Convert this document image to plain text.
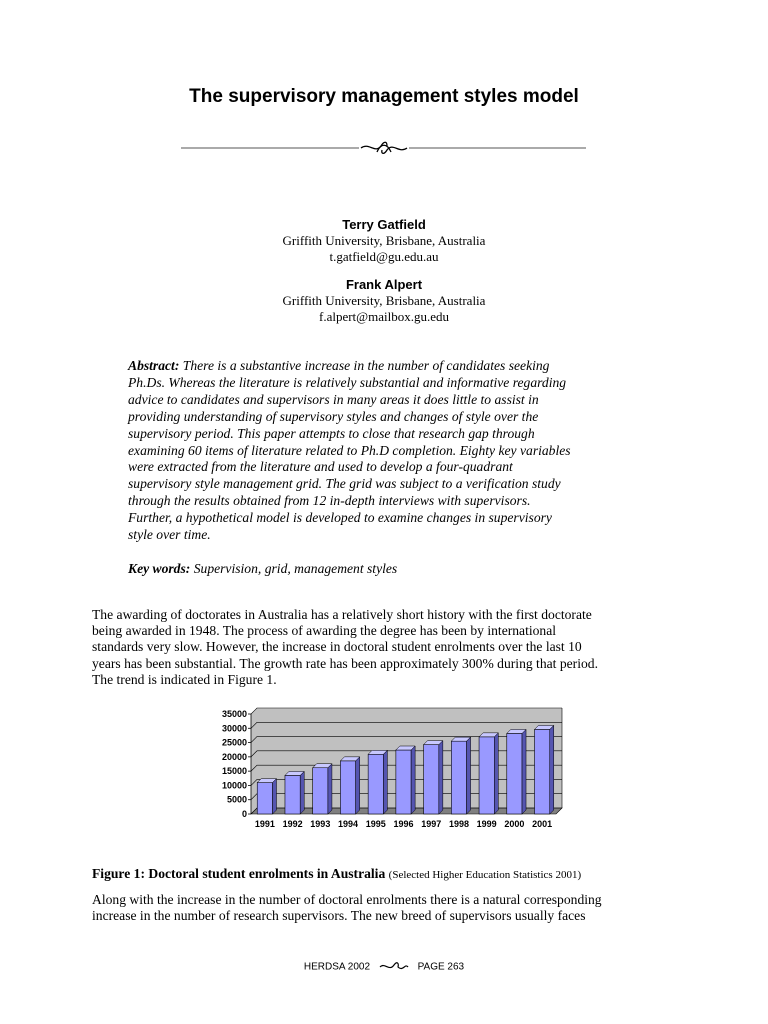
The supervisory management styles model
Terry Gatfield
Griffith University, Brisbane, Australia
t.gatfield@gu.edu.au
Frank Alpert
Griffith University, Brisbane, Australia
f.alpert@mailbox.gu.edu
Abstract: There is a substantive increase in the number of candidates seeking
Ph.Ds. Whereas the literature is relatively substantial and informative regarding
advice to candidates and supervisors in many areas it does little to assist in
providing understanding of supervisory styles and changes of style over the
supervisory period. This paper attempts to close that research gap through
examining 60 items of literature related to Ph.D completion. Eighty key variables
were extracted from the literature and used to develop a four-quadrant
supervisory style management grid. The grid was subject to a verification study
through the results obtained from 12 in-depth interviews with supervisors.
Further, a hypothetical model is developed to examine changes in supervisory
style over time.
Key words: Supervision, grid, management styles
The awarding of doctorates in Australia has a relatively short history with the first doctorate
being awarded in 1948. The process of awarding the degree has been by international
standards very slow. However, the increase in doctoral student enrolments over the last 10
years has been substantial. The growth rate has been approximately 300% during that period.
The trend is indicated in Figure 1.
0
5000
10000
15000
20000
25000
30000
35000
1991 1992 1993 1994 1995 1996 1997 1998 1999 2000 2001
Figure 1: Doctoral student enrolments in Australia (Selected Higher Education Statistics 2001)
Along with the increase in the number of doctoral enrolments there is a natural corresponding
increase in the number of research supervisors. The new breed of supervisors usually faces
HERDSA 2002	PAGE 263
